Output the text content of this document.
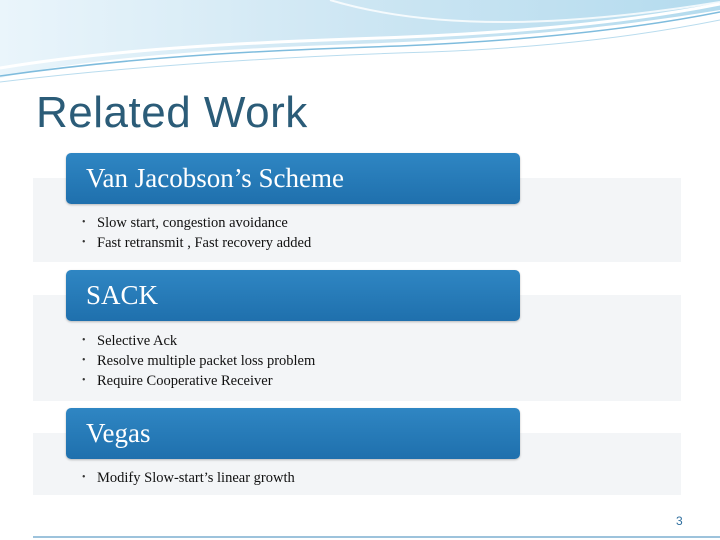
Related Work
Van Jacobson’s Scheme
• Slow start, congestion avoidance
• Fast retransmit , Fast recovery added
SACK
• Selective Ack
• Resolve multiple packet loss problem
• Require Cooperative Receiver
Vegas
• Modify Slow-start’s linear growth
3
